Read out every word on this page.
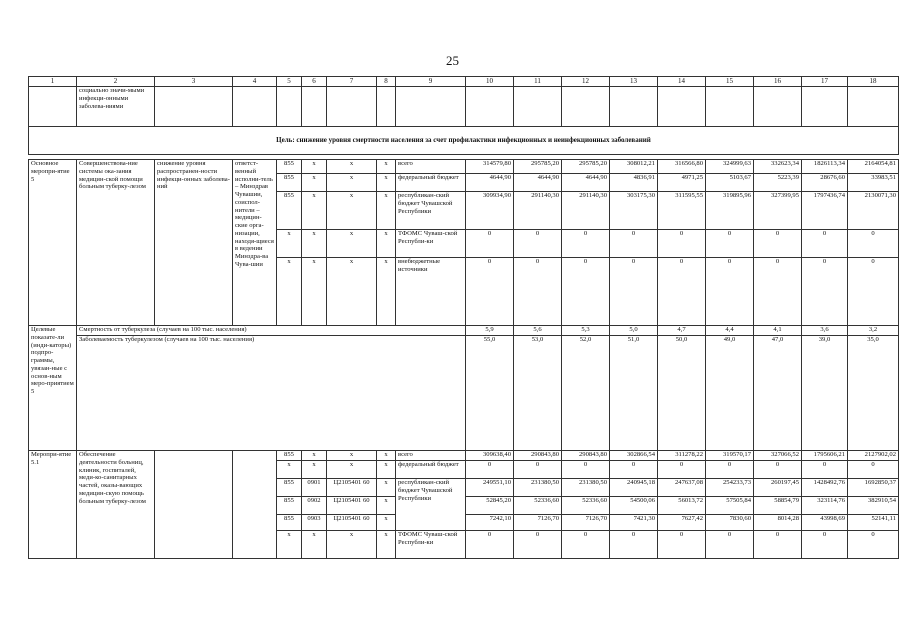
25
1	2	3	4	5	6	7	8	9	10	11	12	13	14	15	16	17	18
	социально значи-мыми инфекци-онными заболева-ниями																
Цель: снижение уровня смертности населения за счет профилактики инфекционных и неинфекционных заболеваний																	

Основное меропри-ятие 5	Совершенствова-ние системы ока-зания медицин-ской помощи больным туберку-лезом	снижение уровня распространен-ности инфекци-онных заболева-ний	ответст-венный исполни-тель – Минздрав Чувашии, соиспол-нители – медицин-ские орга-низации, находя-щиеся в ведении Минздра-ва Чува-шии	855	х	х	х	всего	314579,80	295785,20	295785,20	308012,21	316566,80	324999,63	332623,34	1826113,34	2164054,81
				855	х	х	х	федеральный бюджет	4644,90	4644,90	4644,90	4836,91	4971,25	5103,67	5223,39	28676,60	33983,51
				855	х	х	х	республикан-ский бюджет Чувашской Республики	309934,90	291140,30	291140,30	303175,30	311595,55	319895,96	327399,95	1797436,74	2130071,30
				х	х	х	х	ТФОМС Чуваш-ской Республи-ки	0	0	0	0	0	0	0	0	0
				х	х	х	х	внебюджетные источники	0	0	0	0	0	0	0	0	0
Целевые показате-ли (инди-каторы) подпро-граммы, увязан-ные с основ-ным меро-приятием 5	Смертность от туберкулеза (случаев на 100 тыс. населения)								5,9	5,6	5,3	5,0	4,7	4,4	4,1	3,6	3,2
	Заболеваемость туберкулезом (случаев на 100 тыс. населения)								55,0	53,0	52,0	51,0	50,0	49,0	47,0	39,0	35,0
Меропри-ятие 5.1	Обеспечение деятельности больниц, клиник, госпиталей, меди-ко-санитарных частей, оказы-вающих медицин-скую помощь больным туберку-лезом			855	х	х	х	всего	309638,40	290843,80	290843,80	302866,54	311278,22	319570,17	327066,52	1795606,21	2127902,02
				х	х	х	х	федеральный бюджет	0	0	0	0	0	0	0	0	0
				855	0901	Ц2105401 60	х	республикан-ский бюджет Чувашской Республики	249551,10	231380,50	231380,50	240945,18	247637,08	254233,73	260197,45	1428492,76	1692850,37
				855	0902	Ц2105401 60	х		52845,20	52336,60	52336,60	54500,06	56013,72	57505,84	58854,79	323114,76	382910,54
				855	0903	Ц2105401 60	х		7242,10	7126,70	7126,70	7421,30	7627,42	7830,60	8014,28	43998,69	52141,11
				х	х	х	х	ТФОМС Чуваш-ской Республи-ки	0	0	0	0	0	0	0	0	0
